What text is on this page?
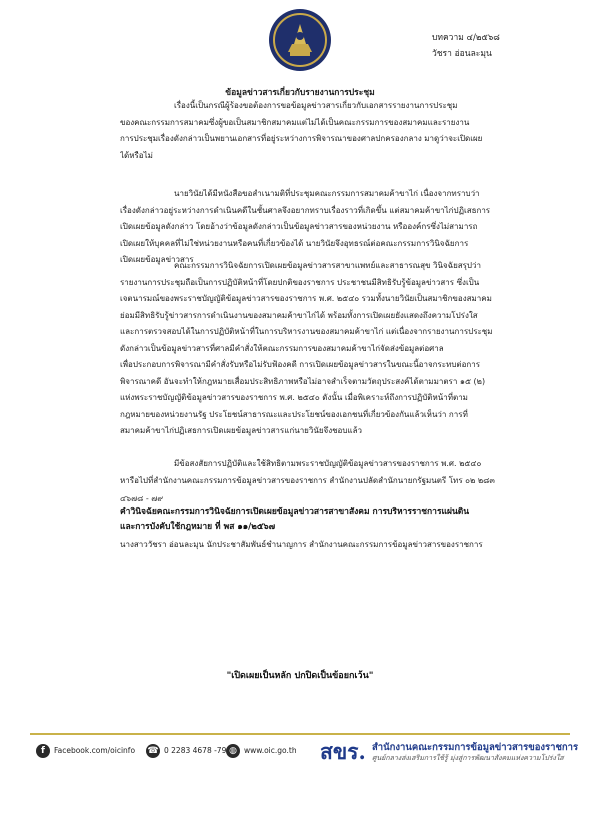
บทความ ๔/๒๕๖๘
วัชรา อ่อนละมุน
ข้อมูลข่าวสารเกี่ยวกับรายงานการประชุม

เรื่องนี้เป็นกรณีผู้ร้องขอต้องการขอข้อมูลข่าวสารเกี่ยวกับเอกสารรายงานการประชุม
ของคณะกรรมการสมาคมซึ่งผู้ขอเป็นสมาชิกสมาคมแต่ไม่ได้เป็นคณะกรรมการของสมาคมและรายงาน
การประชุมเรื่องดังกล่าวเป็นพยานเอกสารที่อยู่ระหว่างการพิจารณาของศาลปกครองกลาง มาดูว่าจะเปิดเผย
ได้หรือไม่

นายวินัยได้มีหนังสือขอสำเนามติที่ประชุมคณะกรรมการสมาคมค้าขาไก่ เนื่องจากทราบว่า
เรื่องดังกล่าวอยู่ระหว่างการดำเนินคดีในชั้นศาลจึงอยากทราบเรื่องราวที่เกิดขึ้น แต่สมาคมค้าขาไก่ปฏิเสธการ
เปิดเผยข้อมูลดังกล่าว โดยอ้างว่าข้อมูลดังกล่าวเป็นข้อมูลข่าวสารของหน่วยงาน หรือองค์กรซึ่งไม่สามารถ
เปิดเผยให้บุคคลที่ไม่ใช่หน่วยงานหรือคนที่เกี่ยวข้องได้ นายวินัยจึงอุทธรณ์ต่อคณะกรรมการวินิจฉัยการ
เปิดเผยข้อมูลข่าวสาร

คณะกรรมการวินิจฉัยการเปิดเผยข้อมูลข่าวสารสาขาแพทย์และสาธารณสุข วินิจฉัยสรุปว่า
รายงานการประชุมถือเป็นการปฏิบัติหน้าที่โดยปกติของราชการ ประชาชนมีสิทธิรับรู้ข้อมูลข่าวสาร ซึ่งเป็น
เจตนารมณ์ของพระราชบัญญัติข้อมูลข่าวสารของราชการ พ.ศ. ๒๕๔๐ รวมทั้งนายวินัยเป็นสมาชิกของสมาคม
ย่อมมีสิทธิรับรู้ข่าวสารการดำเนินงานของสมาคมค้าขาไก่ได้ พร้อมทั้งการเปิดเผยยังแสดงถึงความโปร่งใส
และการตรวจสอบได้ในการปฏิบัติหน้าที่ในการบริหารงานของสมาคมค้าขาไก่ แต่เนื่องจากรายงานการประชุม
ดังกล่าวเป็นข้อมูลข่าวสารที่ศาลมีคำสั่งให้คณะกรรมการของสมาคมค้าขาไก่จัดส่งข้อมูลต่อศาล
เพื่อประกอบการพิจารณามีคำสั่งรับหรือไม่รับฟ้องคดี การเปิดเผยข้อมูลข่าวสารในขณะนี้อาจกระทบต่อการ
พิจารณาคดี อันจะทำให้กฎหมายเสื่อมประสิทธิภาพหรือไม่อาจสำเร็จตามวัตถุประสงค์ได้ตามมาตรา ๑๕ (๒)
แห่งพระราชบัญญัติข้อมูลข่าวสารของราชการ พ.ศ. ๒๕๔๐ ดังนั้น เมื่อพิเคราะห์ถึงการปฏิบัติหน้าที่ตาม
กฎหมายของหน่วยงานรัฐ ประโยชน์สาธารณะและประโยชน์ของเอกชนที่เกี่ยวข้องกันแล้วเห็นว่า การที่
สมาคมค้าขาไก่ปฏิเสธการเปิดเผยข้อมูลข่าวสารแก่นายวินัยจึงชอบแล้ว

มีข้อสงสัยการปฏิบัติและใช้สิทธิตามพระราชบัญญัติข้อมูลข่าวสารของราชการ พ.ศ. ๒๕๔๐
หารือไปที่สำนักงานคณะกรรมการข้อมูลข่าวสารของราชการ สำนักงานปลัดสำนักนายกรัฐมนตรี โทร ๐๒ ๒๘๓

๔๖๗๘ - ๗๙
คำวินิจฉัยคณะกรรมการวินิจฉัยการเปิดเผยข้อมูลข่าวสารสาขาสังคม การบริหารราชการแผ่นดิน
และการบังคับใช้กฎหมาย ที่ พส ๑๑/๒๕๖๗
นางสาววัชรา อ่อนละมุน นักประชาสัมพันธ์ชำนาญการ สำนักงานคณะกรรมการข้อมูลข่าวสารของราชการ
"เปิดเผยเป็นหลัก ปกปิดเป็นข้อยกเว้น"
f	Facebook.com/oicinfo ☎ 0 2283 4678 -79 ◍ www.oic.go.th สขร. สำนักงานคณะกรรมการข้อมูลข่าวสารของราชการ
ศูนย์กลางส่งเสริมการใช้รู้ มุ่งสู่การพัฒนาสังคมแห่งความโปร่งใส
